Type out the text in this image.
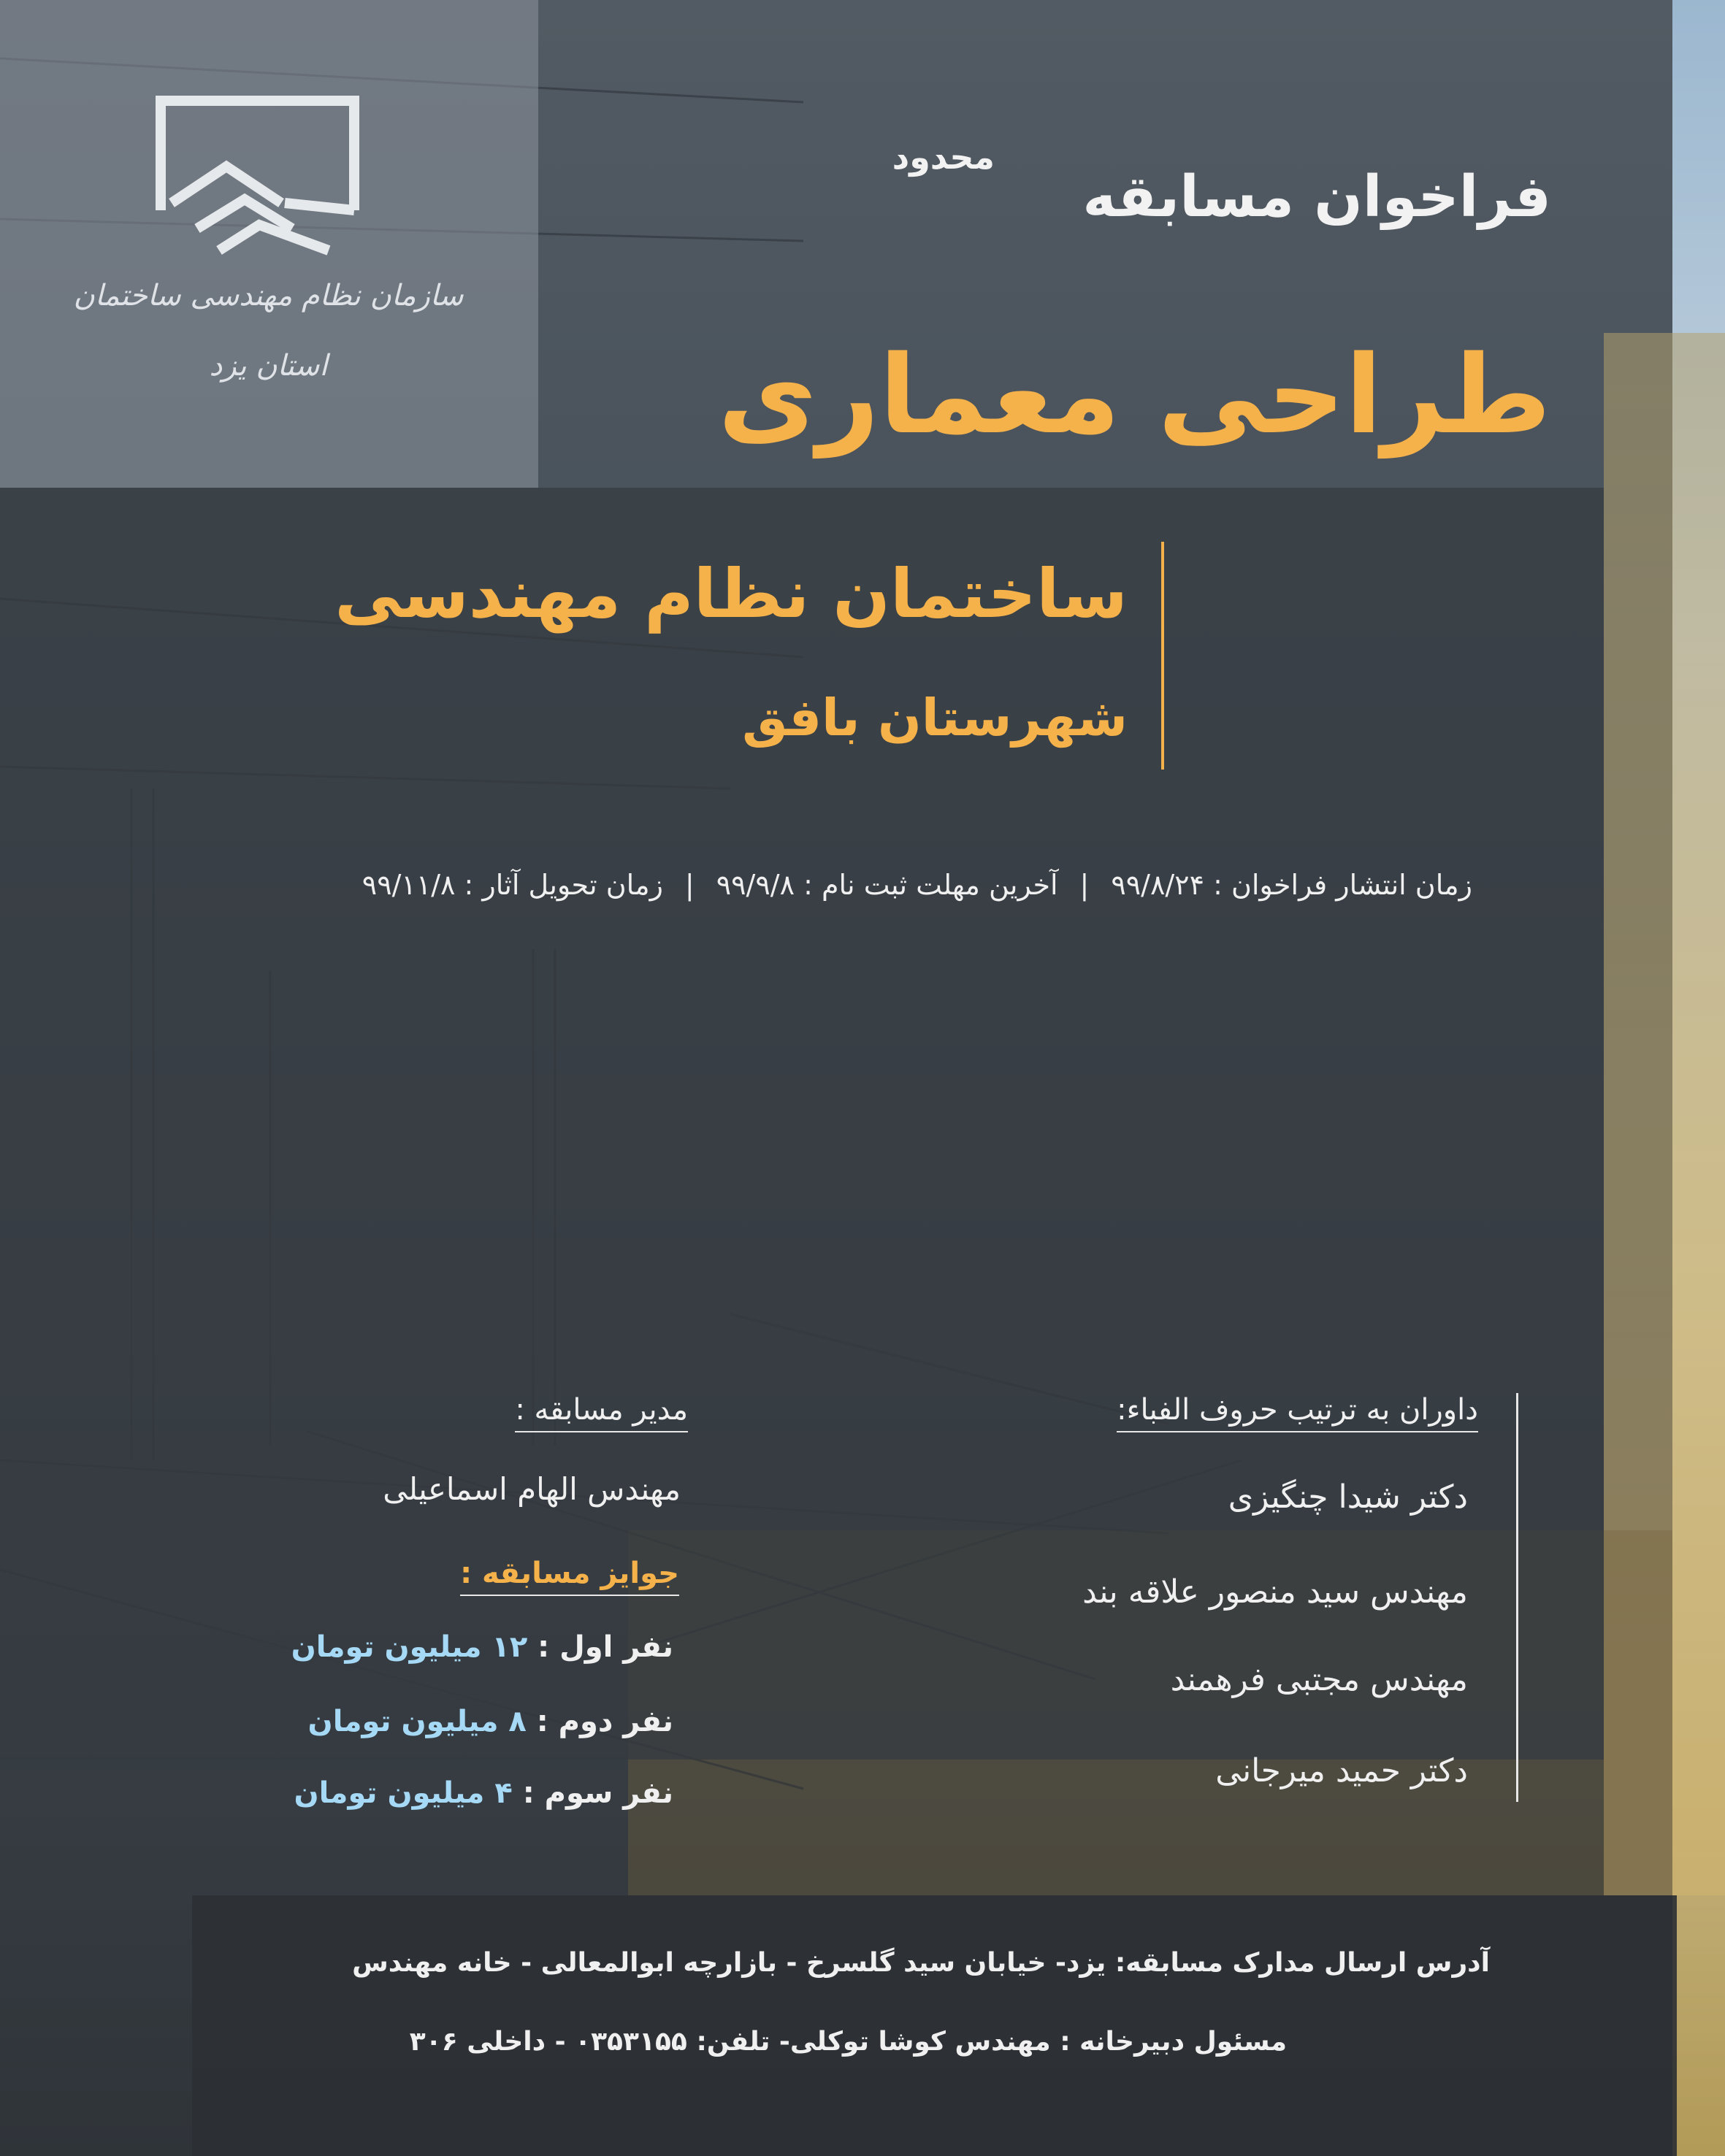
سازمان نظام مهندسی ساختمان
استان یزد
محدود
فراخوان مسابقه
طراحی معماری
ساختمان نظام مهندسی
شهرستان بافق
زمان انتشار فراخوان : ۹۹/۸/۲۴|آخرین مهلت ثبت نام : ۹۹/۹/۸|زمان تحویل آثار : ۹۹/۱۱/۸
داوران به ترتیب حروف الفباء:
دکتر شیدا چنگیزی
مهندس سید منصور علاقه بند
مهندس مجتبی فرهمند
دکتر حمید میرجانی
مدیر مسابقه :
مهندس الهام اسماعیلی
جوایز مسابقه :
نفر اول : ۱۲ میلیون تومان
نفر دوم : ۸ میلیون تومان
نفر سوم : ۴ میلیون تومان
آدرس ارسال مدارک مسابقه: یزد- خیابان سید گلسرخ - بازارچه ابوالمعالی - خانه مهندس
مسئول دبیرخانه : مهندس کوشا توکلی- تلفن: ۰۳۵۳۱۵۵ - داخلی ۳۰۶
